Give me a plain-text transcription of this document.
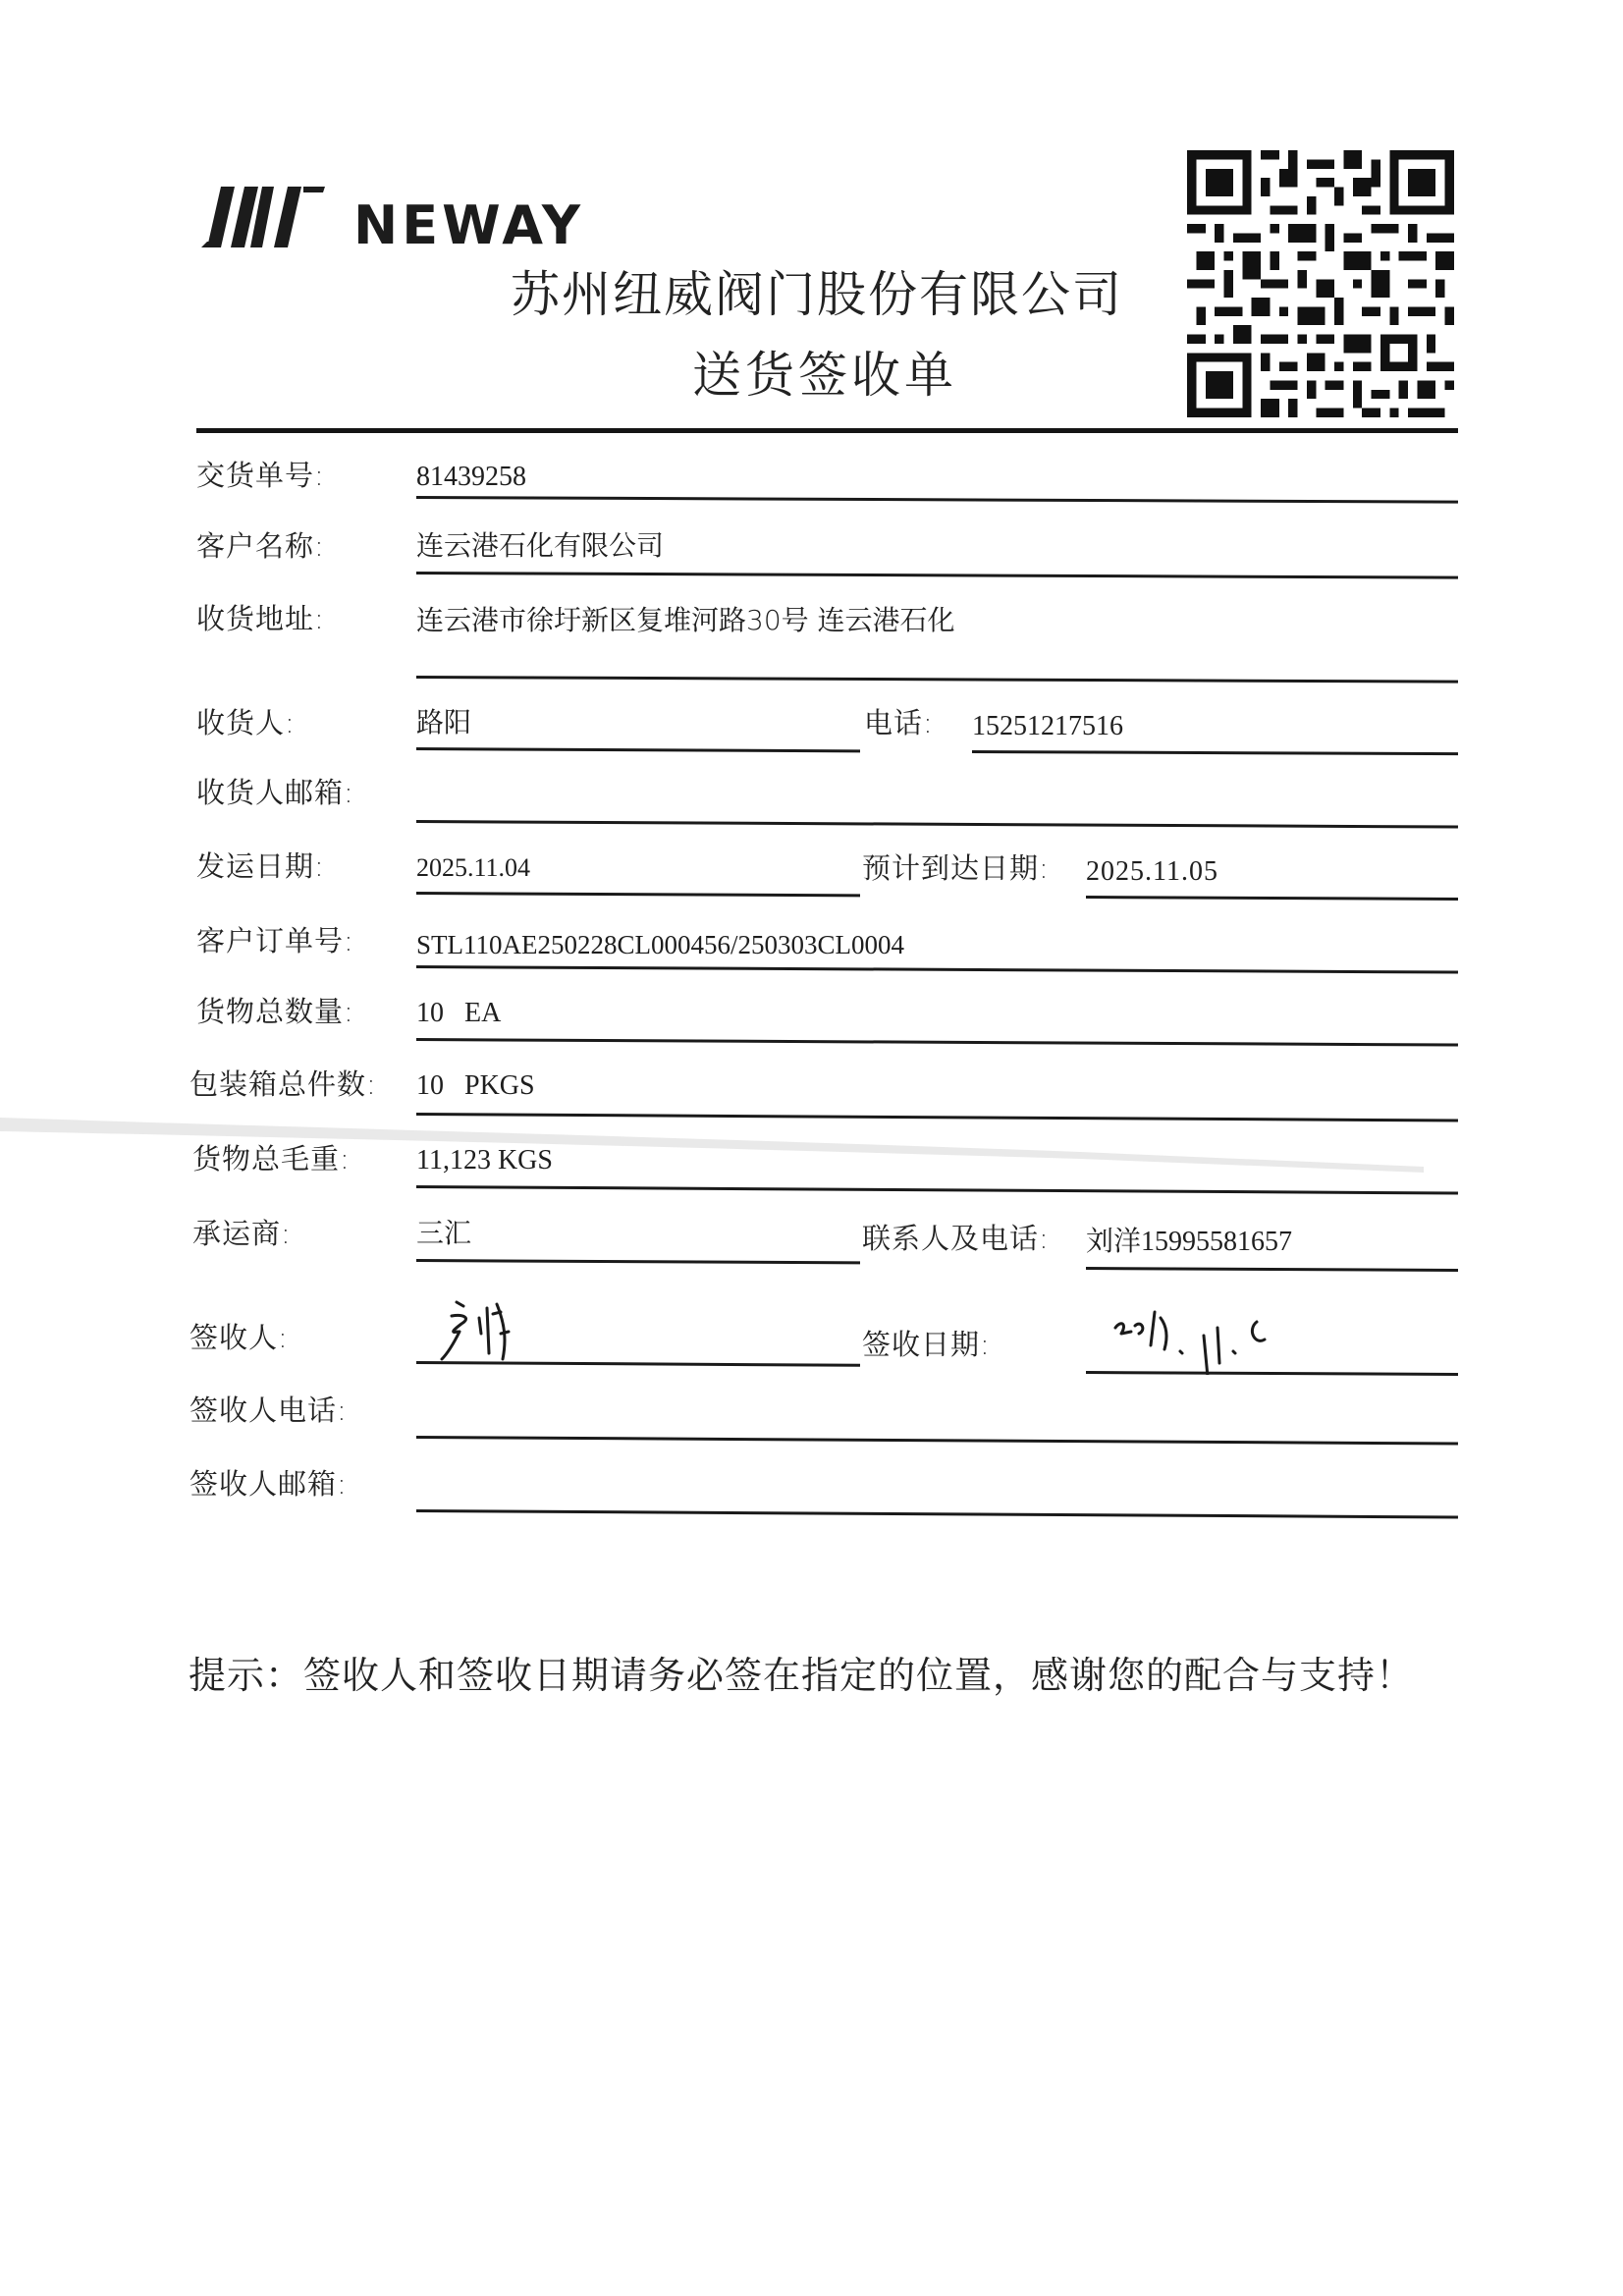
NEWAY
苏州纽威阀门股份有限公司
送货签收单
交货单号:	81439258
客户名称:	连云港石化有限公司
收货地址:	连云港市徐圩新区复堆河路30号 连云港石化
收货人:	路阳	电话: 15251217516
收货人邮箱:
发运日期:	2025.11.04	预计到达日期: 2025.11.05
客户订单号: STL110AE250228CL000456/250303CL0004
货物总数量: 10   EA
包装箱总件数: 10   PKGS
货物总毛重: 11,123 KGS
承运商:	三汇	联系人及电话: 刘洋15995581657
签收人:	签收日期:
签收人电话:
签收人邮箱:
提示：签收人和签收日期请务必签在指定的位置，感谢您的配合与支持！
